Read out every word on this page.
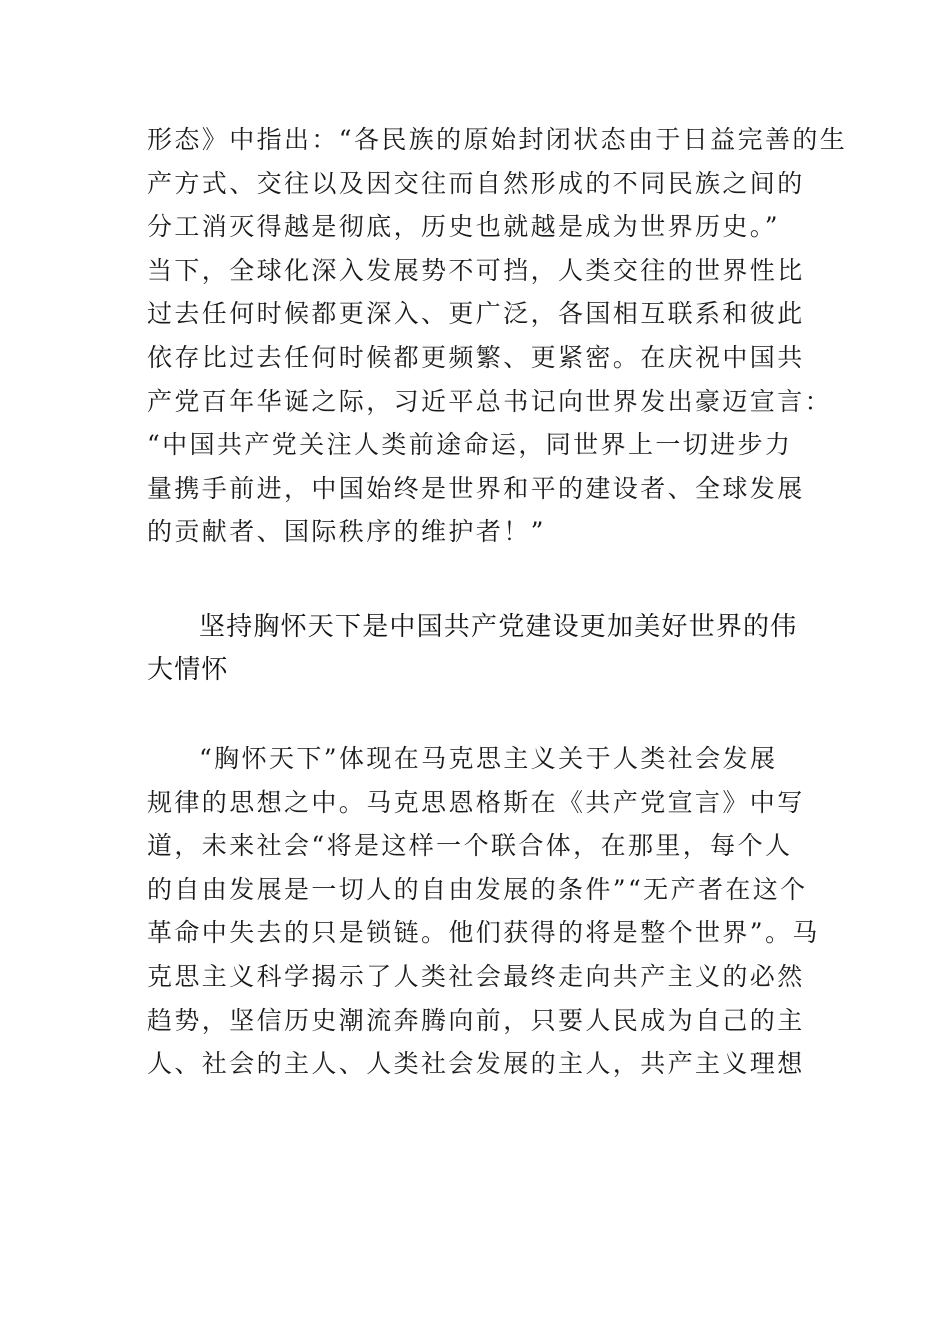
形态》中指出：“各民族的原始封闭状态由于日益完善的生
产方式、交往以及因交往而自然形成的不同民族之间的
分工消灭得越是彻底，历史也就越是成为世界历史。”
当下，全球化深入发展势不可挡，人类交往的世界性比
过去任何时候都更深入、更广泛，各国相互联系和彼此
依存比过去任何时候都更频繁、更紧密。在庆祝中国共
产党百年华诞之际，习近平总书记向世界发出豪迈宣言：
“中国共产党关注人类前途命运，同世界上一切进步力
量携手前进，中国始终是世界和平的建设者、全球发展
的贡献者、国际秩序的维护者！”
坚持胸怀天下是中国共产党建设更加美好世界的伟
大情怀
“胸怀天下”体现在马克思主义关于人类社会发展
规律的思想之中。马克思恩格斯在《共产党宣言》中写
道，未来社会“将是这样一个联合体，在那里，每个人
的自由发展是一切人的自由发展的条件”“无产者在这个
革命中失去的只是锁链。他们获得的将是整个世界”。马
克思主义科学揭示了人类社会最终走向共产主义的必然
趋势，坚信历史潮流奔腾向前，只要人民成为自己的主
人、社会的主人、人类社会发展的主人，共产主义理想
